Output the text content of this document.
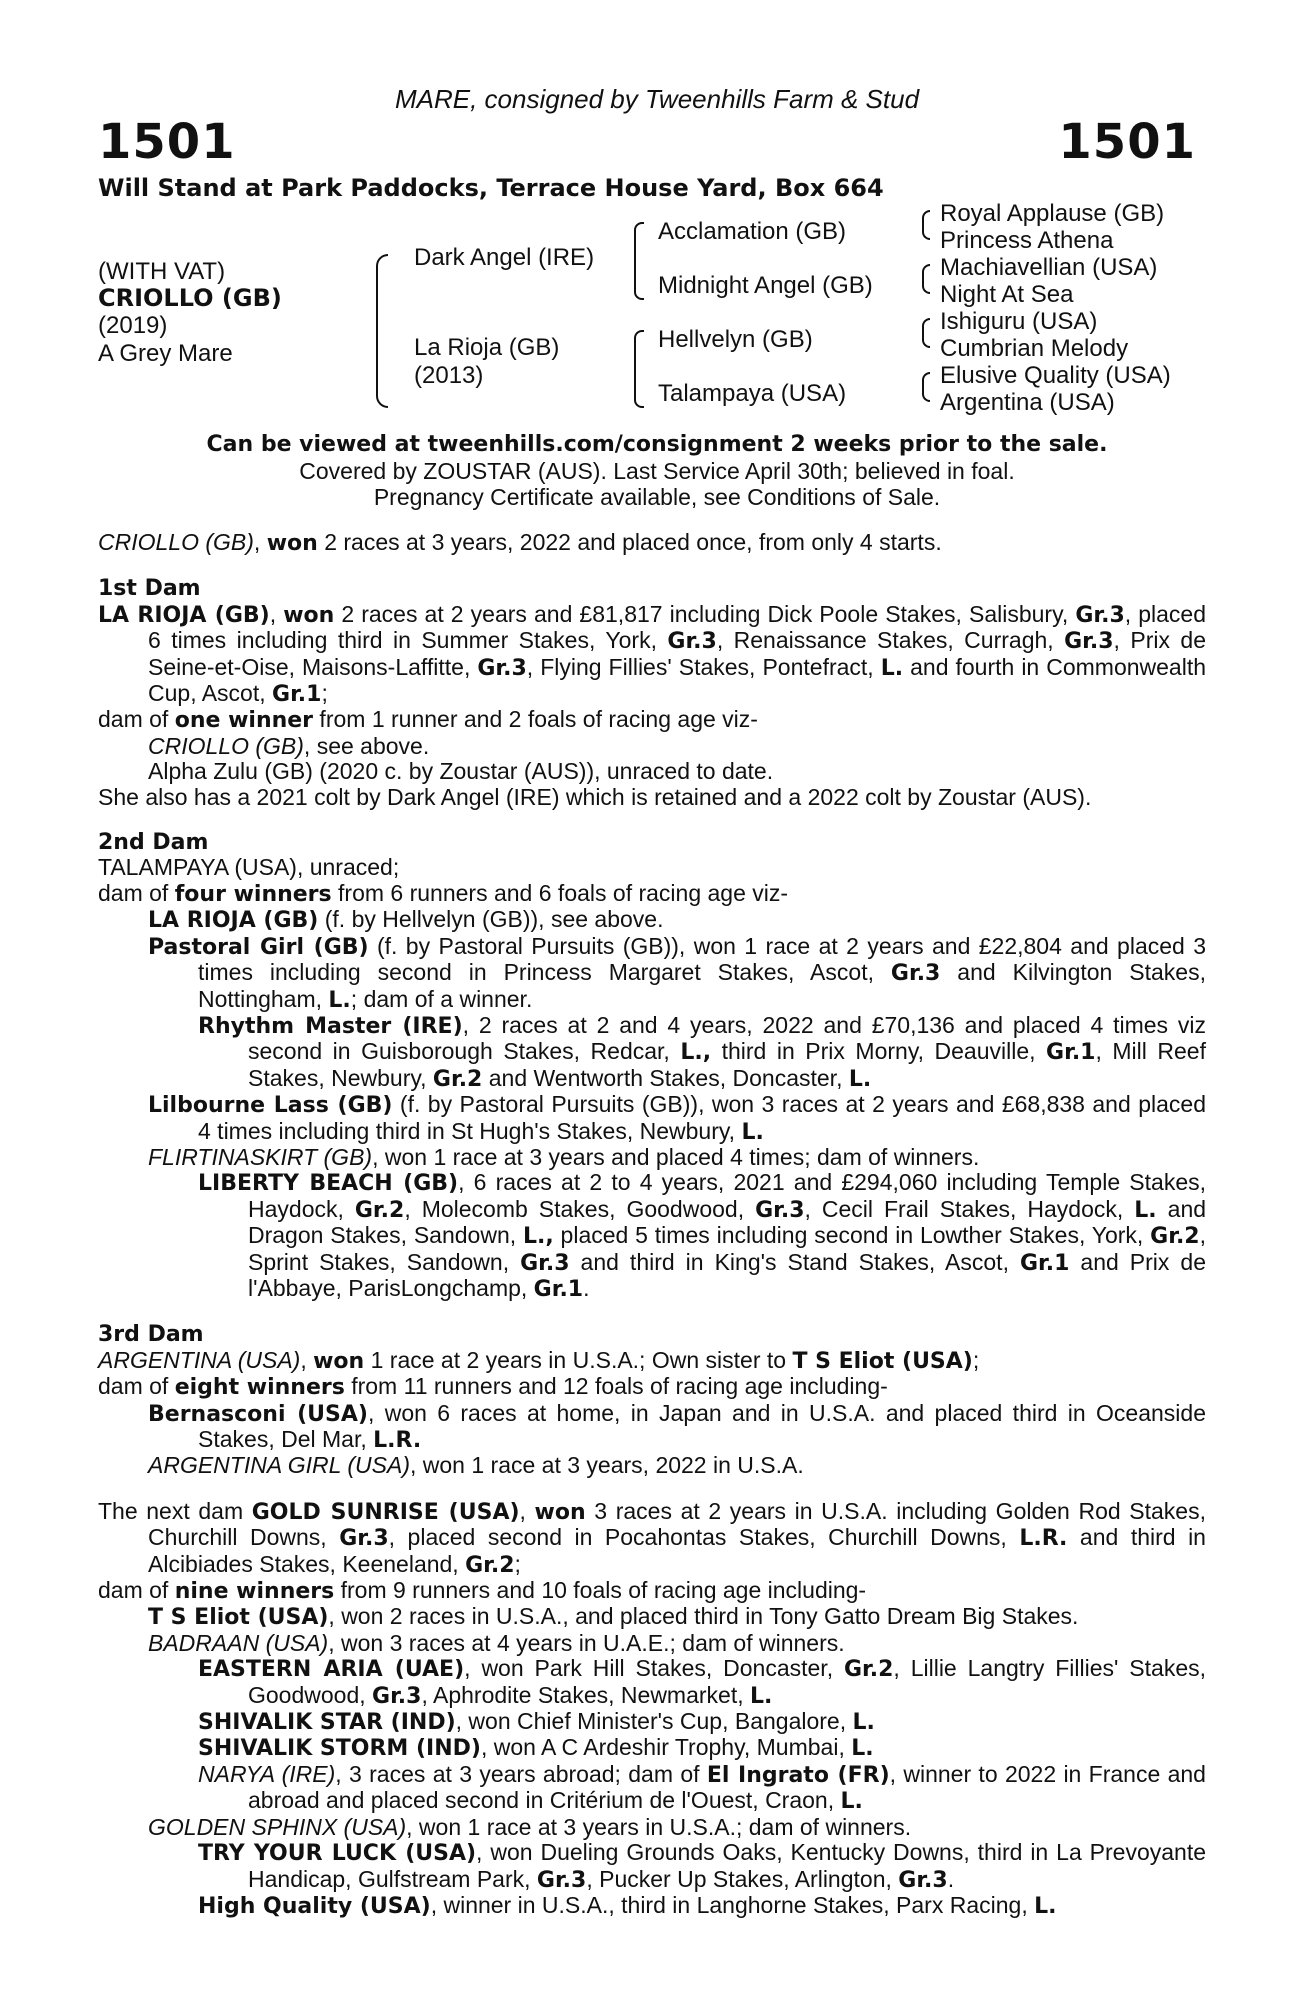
MARE, consigned by Tweenhills Farm & Stud
1501	1501
Will Stand at Park Paddocks, Terrace House Yard, Box 664
(WITH VAT)
CRIOLLO (GB)
(2019)
A Grey Mare
Dark Angel (IRE)
La Rioja (GB)
(2013)
Acclamation (GB)
Midnight Angel (GB)
Hellvelyn (GB)
Talampaya (USA)
Royal Applause (GB)
Princess Athena
Machiavellian (USA)
Night At Sea
Ishiguru (USA)
Cumbrian Melody
Elusive Quality (USA)
Argentina (USA)
Can be viewed at tweenhills.com/consignment 2 weeks prior to the sale.
Covered by ZOUSTAR (AUS). Last Service April 30th; believed in foal.
Pregnancy Certificate available, see Conditions of Sale.

CRIOLLO (GB), won 2 races at 3 years, 2022 and placed once, from only 4 starts.

1st Dam

LA RIOJA (GB), won 2 races at 2 years and £81,817 including Dick Poole Stakes, Salisbury, Gr.3, placed 6 times including third in Summer Stakes, York, Gr.3, Renaissance Stakes, Curragh, Gr.3, Prix de Seine-et-Oise, Maisons-Laffitte, Gr.3, Flying Fillies' Stakes, Pontefract, L. and fourth in Commonwealth Cup, Ascot, Gr.1;

dam of one winner from 1 runner and 2 foals of racing age viz-

CRIOLLO (GB), see above.

Alpha Zulu (GB) (2020 c. by Zoustar (AUS)), unraced to date.

She also has a 2021 colt by Dark Angel (IRE) which is retained and a 2022 colt by Zoustar (AUS).

2nd Dam

TALAMPAYA (USA), unraced;

dam of four winners from 6 runners and 6 foals of racing age viz-

LA RIOJA (GB) (f. by Hellvelyn (GB)), see above.

Pastoral Girl (GB) (f. by Pastoral Pursuits (GB)), won 1 race at 2 years and £22,804 and placed 3 times including second in Princess Margaret Stakes, Ascot, Gr.3 and Kilvington Stakes, Nottingham, L.; dam of a winner.

Rhythm Master (IRE), 2 races at 2 and 4 years, 2022 and £70,136 and placed 4 times viz second in Guisborough Stakes, Redcar, L., third in Prix Morny, Deauville, Gr.1, Mill Reef Stakes, Newbury, Gr.2 and Wentworth Stakes, Doncaster, L.

Lilbourne Lass (GB) (f. by Pastoral Pursuits (GB)), won 3 races at 2 years and £68,838 and placed 4 times including third in St Hugh's Stakes, Newbury, L.

FLIRTINASKIRT (GB), won 1 race at 3 years and placed 4 times; dam of winners.

LIBERTY BEACH (GB), 6 races at 2 to 4 years, 2021 and £294,060 including Temple Stakes, Haydock, Gr.2, Molecomb Stakes, Goodwood, Gr.3, Cecil Frail Stakes, Haydock, L. and Dragon Stakes, Sandown, L., placed 5 times including second in Lowther Stakes, York, Gr.2, Sprint Stakes, Sandown, Gr.3 and third in King's Stand Stakes, Ascot, Gr.1 and Prix de l'Abbaye, ParisLongchamp, Gr.1.

3rd Dam

ARGENTINA (USA), won 1 race at 2 years in U.S.A.; Own sister to T S Eliot (USA);

dam of eight winners from 11 runners and 12 foals of racing age including-

Bernasconi (USA), won 6 races at home, in Japan and in U.S.A. and placed third in Oceanside Stakes, Del Mar, L.R.

ARGENTINA GIRL (USA), won 1 race at 3 years, 2022 in U.S.A.

The next dam GOLD SUNRISE (USA), won 3 races at 2 years in U.S.A. including Golden Rod Stakes, Churchill Downs, Gr.3, placed second in Pocahontas Stakes, Churchill Downs, L.R. and third in Alcibiades Stakes, Keeneland, Gr.2;

dam of nine winners from 9 runners and 10 foals of racing age including-

T S Eliot (USA), won 2 races in U.S.A., and placed third in Tony Gatto Dream Big Stakes.

BADRAAN (USA), won 3 races at 4 years in U.A.E.; dam of winners.

EASTERN ARIA (UAE), won Park Hill Stakes, Doncaster, Gr.2, Lillie Langtry Fillies' Stakes, Goodwood, Gr.3, Aphrodite Stakes, Newmarket, L.

SHIVALIK STAR (IND), won Chief Minister's Cup, Bangalore, L.

SHIVALIK STORM (IND), won A C Ardeshir Trophy, Mumbai, L.

NARYA (IRE), 3 races at 3 years abroad; dam of El Ingrato (FR), winner to 2022 in France and abroad and placed second in Critérium de l'Ouest, Craon, L.

GOLDEN SPHINX (USA), won 1 race at 3 years in U.S.A.; dam of winners.

TRY YOUR LUCK (USA), won Dueling Grounds Oaks, Kentucky Downs, third in La Prevoyante Handicap, Gulfstream Park, Gr.3, Pucker Up Stakes, Arlington, Gr.3.

High Quality (USA), winner in U.S.A., third in Langhorne Stakes, Parx Racing, L.
